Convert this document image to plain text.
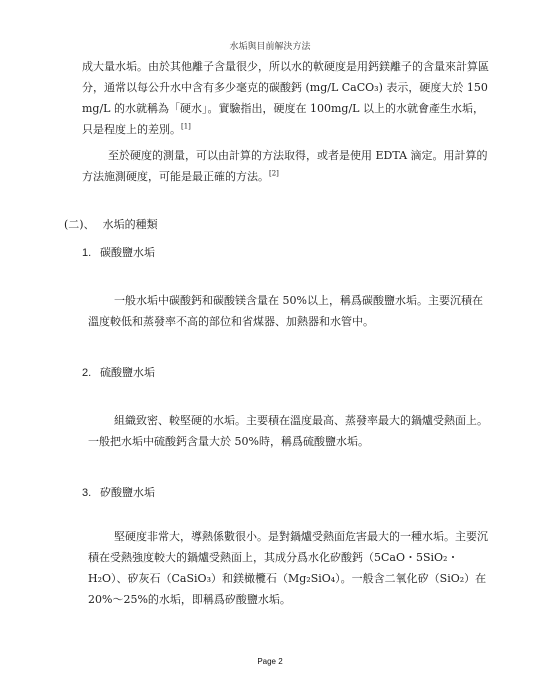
水垢與目前解決方法

成大量水垢。由於其他離子含量很少，所以水的軟硬度是用鈣鎂離子的含量來計算區分，通常以每公升水中含有多少毫克的碳酸鈣 (mg/L CaCO₃) 表示，硬度大於 150 mg/L 的水就稱為「硬水」。實驗指出，硬度在 100mg/L 以上的水就會產生水垢，只是程度上的差別。[1]

至於硬度的測量，可以由計算的方法取得，或者是使用 EDTA 滴定。用計算的方法施測硬度，可能是最正確的方法。[2]

(二)、 水垢的種類
1. 碳酸鹽水垢

一般水垢中碳酸鈣和碳酸镁含量在 50%以上，稱爲碳酸鹽水垢。主要沉積在溫度較低和蒸發率不高的部位和省煤器、加熱器和水管中。

2. 硫酸鹽水垢

組織致密、較堅硬的水垢。主要積在溫度最高、蒸發率最大的鍋爐受熱面上。一般把水垢中硫酸鈣含量大於 50%時，稱爲硫酸鹽水垢。

3. 矽酸鹽水垢

堅硬度非常大，導熱係數很小。是對鍋爐受熱面危害最大的一種水垢。主要沉積在受熱強度較大的鍋爐受熱面上，其成分爲水化矽酸鈣（5CaO・5SiO₂・H₂O）、矽灰石（CaSiO₃）和鎂橄欖石（Mg₂SiO₄）。一般含二氧化矽（SiO₂）在 20%～25%的水垢，即稱爲矽酸鹽水垢。

Page 2
